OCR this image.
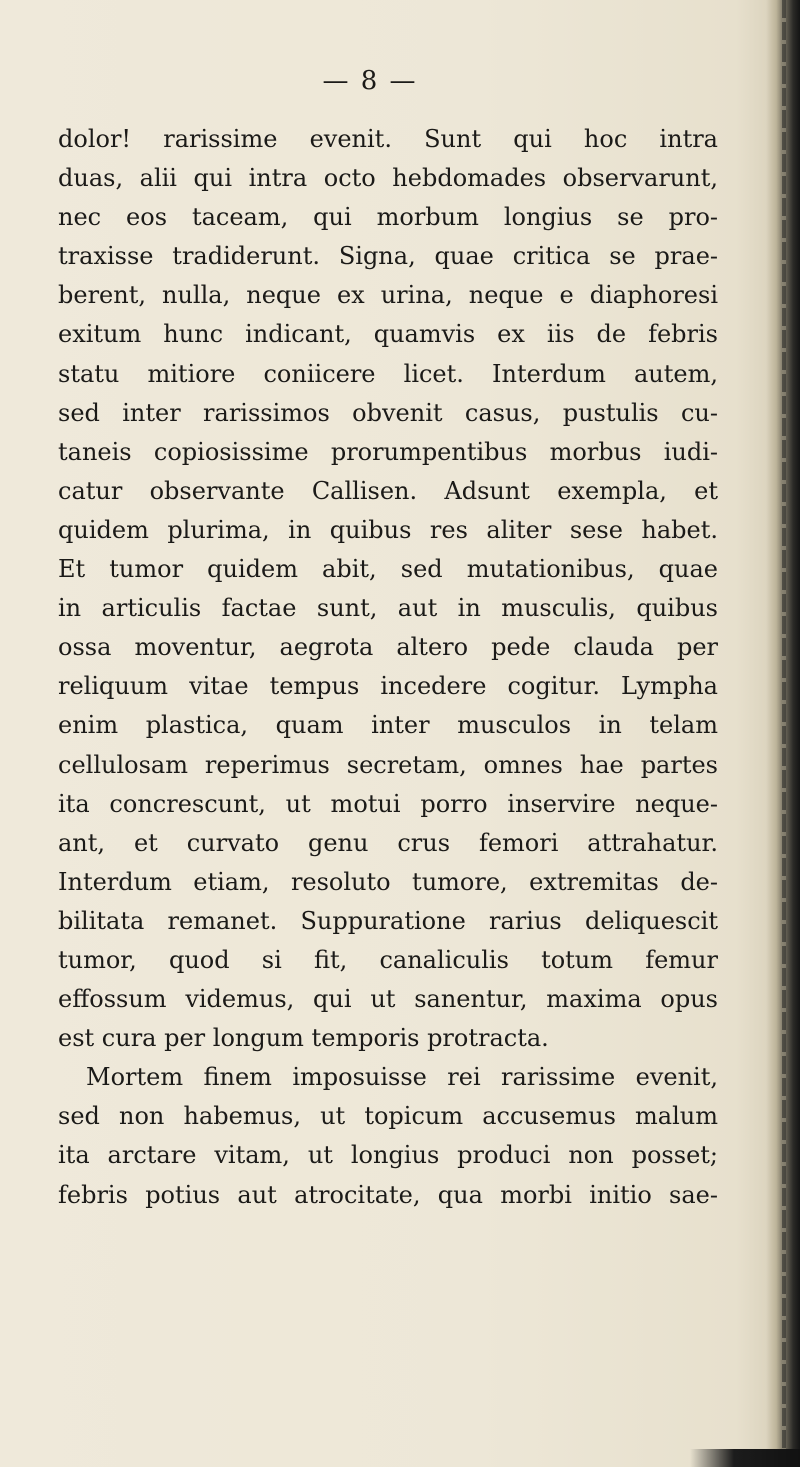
— 8 —
dolor! rarissime evenit. Sunt qui hoc intra
duas, alii qui intra octo hebdomades observarunt,
nec eos taceam, qui morbum longius se pro-
traxisse tradiderunt. Signa, quae critica se prae-
berent, nulla, neque ex urina, neque e diaphoresi
exitum hunc indicant, quamvis ex iis de febris
statu mitiore coniicere licet. Interdum autem,
sed inter rarissimos obvenit casus, pustulis cu-
taneis copiosissime prorumpentibus morbus iudi-
catur observante Callisen. Adsunt exempla, et
quidem plurima, in quibus res aliter sese habet.
Et tumor quidem abit, sed mutationibus, quae
in articulis factae sunt, aut in musculis, quibus
ossa moventur, aegrota altero pede clauda per
reliquum vitae tempus incedere cogitur. Lympha
enim plastica, quam inter musculos in telam
cellulosam reperimus secretam, omnes hae partes
ita concrescunt, ut motui porro inservire neque-
ant, et curvato genu crus femori attrahatur.
Interdum etiam, resoluto tumore, extremitas de-
bilitata remanet. Suppuratione rarius deliquescit
tumor, quod si fit, canaliculis totum femur
effossum videmus, qui ut sanentur, maxima opus
est cura per longum temporis protracta.
Mortem finem imposuisse rei rarissime evenit,
sed non habemus, ut topicum accusemus malum
ita arctare vitam, ut longius produci non posset;
febris potius aut atrocitate, qua morbi initio sae-
